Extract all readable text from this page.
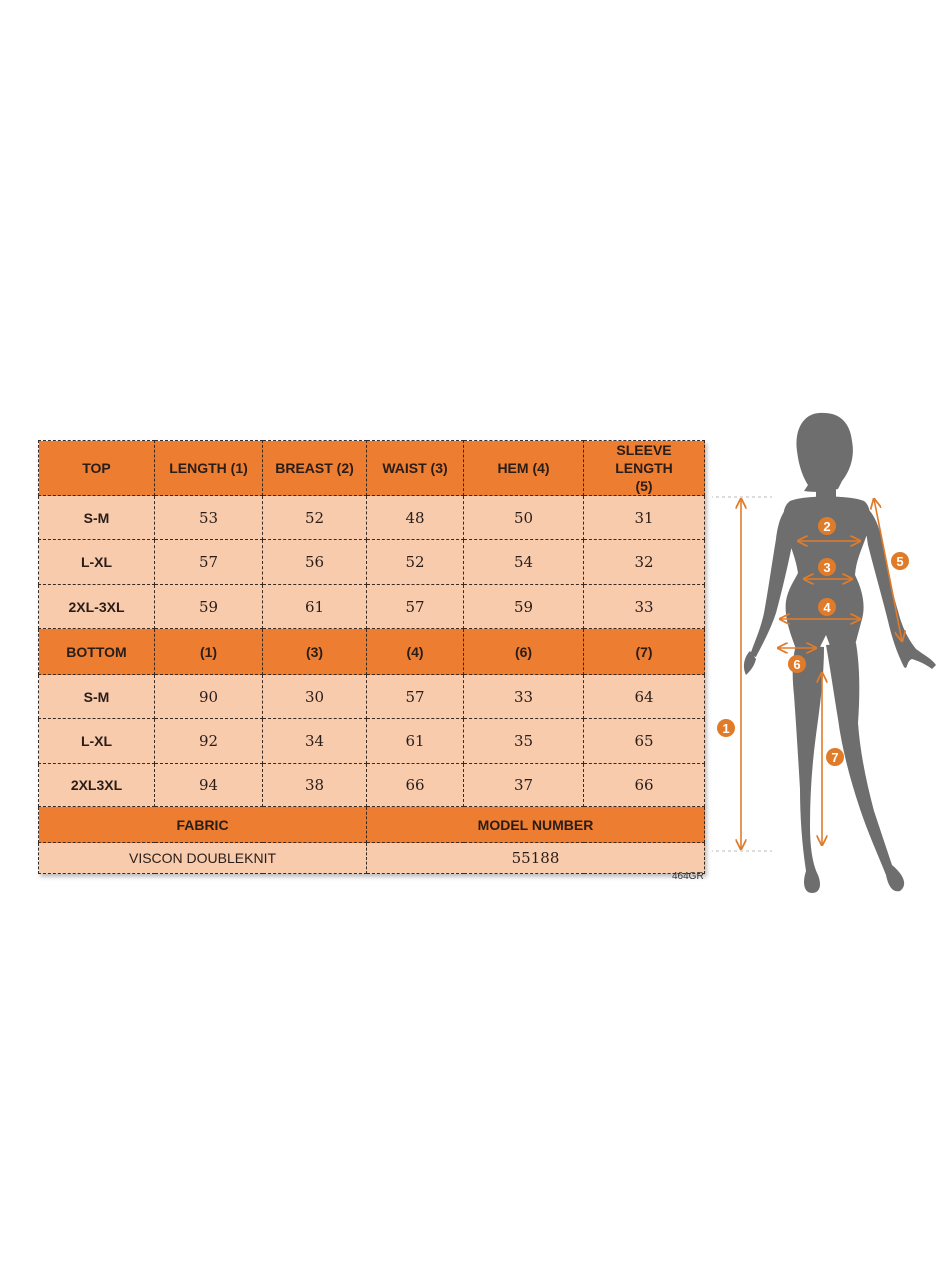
TOP	LENGTH (1)	BREAST (2)	WAIST (3)	HEM (4)	SLEEVE LENGTH (5)
S-M	53	52	48	50	31
L-XL	57	56	52	54	32
2XL-3XL	59	61	57	59	33
BOTTOM	(1)	(3)	(4)	(6)	(7)
S-M	90	30	57	33	64
L-XL	92	34	61	35	65
2XL3XL	94	38	66	37	66
FABRIC			MODEL NUMBER		
VISCON DOUBLEKNIT			55188		
464GR
1
2
3
4
5
6
7
